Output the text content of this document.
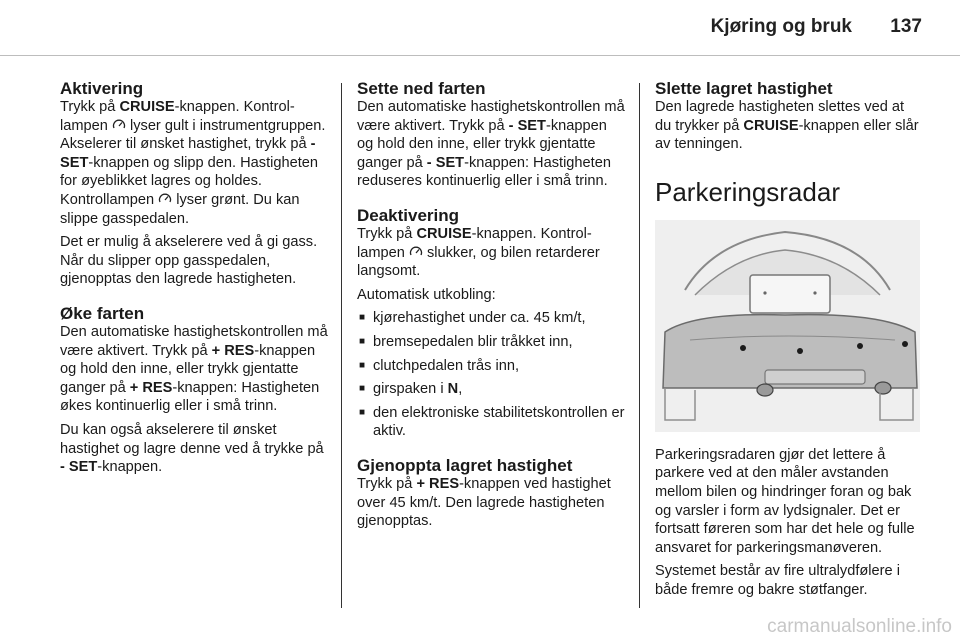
Kjøring og bruk 137
Aktivering

Trykk på CRUISE-knappen. Kontrollampen  lyser gult i instrumentgruppen. Akselerer til ønsket hastighet, trykk på - SET-knappen og slipp den. Hastigheten for øyeblikket lagres og holdes. Kontrollampen  lyser grønt. Du kan slippe gasspedalen.

Det er mulig å akselerere ved å gi gass. Når du slipper opp gasspedalen, gjenopptas den lagrede hastigheten.

Øke farten

Den automatiske hastighetskontrollen må være aktivert. Trykk på + RES-knappen og hold den inne, eller trykk gjentatte ganger på + RES-knappen: Hastigheten økes kontinuerlig eller i små trinn.

Du kan også akselerere til ønsket hastighet og lagre denne ved å trykke på - SET-knappen.

Sette ned farten

Den automatiske hastighetskontrollen må være aktivert. Trykk på - SET-knappen og hold den inne, eller trykk gjentatte ganger på - SET-knappen: Hastigheten reduseres kontinuerlig eller i små trinn.

Deaktivering

Trykk på CRUISE-knappen. Kontrollampen  slukker, og bilen retarderer langsomt.

Automatisk utkobling:

■ kjørehastighet under ca. 45 km/t,
■ bremsepedalen blir tråkket inn,
■ clutchpedalen trås inn,
■ girspaken i N,
■ den elektroniske stabilitetskontrollen er aktiv.
Gjenoppta lagret hastighet

Trykk på + RES-knappen ved hastighet over 45 km/t. Den lagrede hastigheten gjenopptas.

Slette lagret hastighet

Den lagrede hastigheten slettes ved at du trykker på CRUISE-knappen eller slår av tenningen.

Parkeringsradar

Parkeringsradaren gjør det lettere å parkere ved at den måler avstanden mellom bilen og hindringer foran og bak og varsler i form av lydsignaler. Det er fortsatt føreren som har det hele og fulle ansvaret for parkeringsmanøveren.

Systemet består av fire ultralydfølere i både fremre og bakre støtfanger.

carmanualsonline.info
